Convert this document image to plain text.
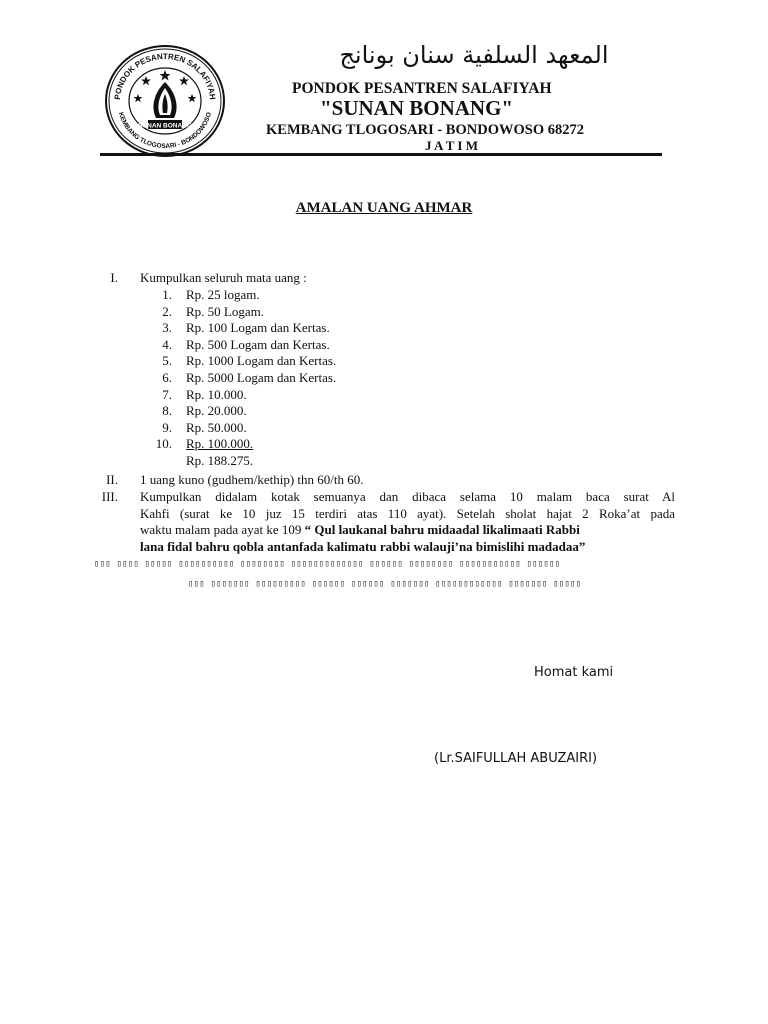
PONDOK PESANTREN SALAFIYAH
KEMBANG TLOGOSARI - BONDOWOSO
SUNAN BONANG
المعهد السلفية سنان بونانج
PONDOK PESANTREN SALAFIYAH
"SUNAN BONANG"
KEMBANG TLOGOSARI - BONDOWOSO 68272
J A T I M
AMALAN UANG AHMAR
I. Kumpulkan seluruh mata uang :
1. Rp. 25 logam.
2. Rp. 50 Logam.
3. Rp. 100 Logam dan Kertas.
4. Rp. 500 Logam dan Kertas.
5. Rp. 1000 Logam dan Kertas.
6. Rp. 5000 Logam dan Kertas.
7. Rp. 10.000.
8. Rp. 20.000.
9. Rp. 50.000.
10. Rp. 100.000.
Rp. 188.275.
II. 1 uang kuno (gudhem/kethip) thn 60/th 60.
III. Kumpulkan didalam kotak semuanya dan dibaca selama 10 malam baca surat Al
Kahfi (surat ke 10 juz 15 terdiri atas 110 ayat). Setelah sholat hajat 2 Roka’at pada
waktu malam pada ayat ke 109 “ Qul laukanal bahru midaadal likalimaati Rabbi
lana fidal bahru qobla antanfada kalimatu rabbi walauji’na bimislihi madadaa”
▯▯▯ ▯▯▯▯ ▯▯▯▯▯ ▯▯▯▯▯▯▯▯▯▯ ▯▯▯▯▯▯▯▯ ▯▯▯▯▯▯▯▯▯▯▯▯▯ ▯▯▯▯▯▯ ▯▯▯▯▯▯▯▯ ▯▯▯▯▯▯▯▯▯▯▯ ▯▯▯▯▯▯
▯▯▯ ▯▯▯▯▯▯▯ ▯▯▯▯▯▯▯▯▯ ▯▯▯▯▯▯ ▯▯▯▯▯▯ ▯▯▯▯▯▯▯ ▯▯▯▯▯▯▯▯▯▯▯▯ ▯▯▯▯▯▯▯ ▯▯▯▯▯
Homat kami
(Lr.SAIFULLAH ABUZAIRI)
